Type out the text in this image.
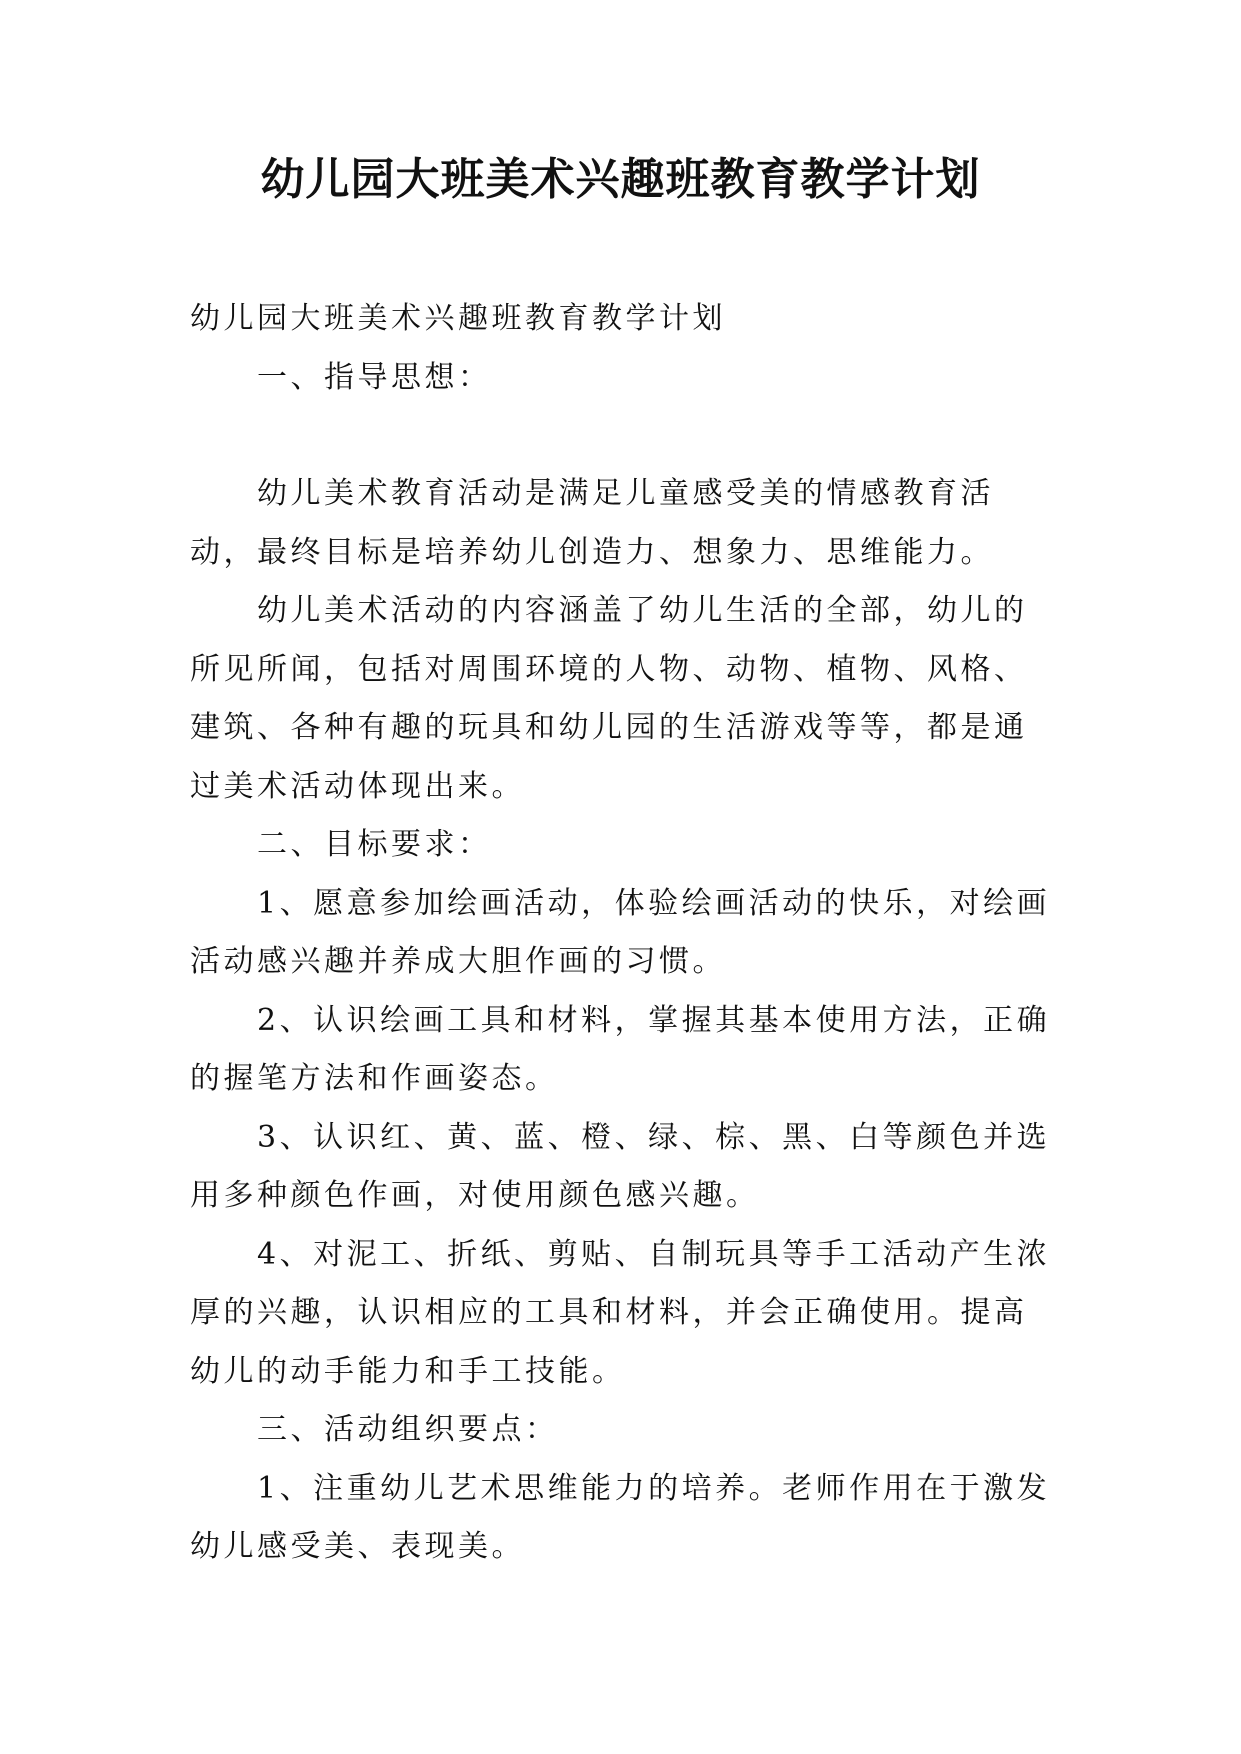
幼儿园大班美术兴趣班教育教学计划

幼儿园大班美术兴趣班教育教学计划

一、指导思想：

幼儿美术教育活动是满足儿童感受美的情感教育活动，最终目标是培养幼儿创造力、想象力、思维能力。

幼儿美术活动的内容涵盖了幼儿生活的全部，幼儿的所见所闻，包括对周围环境的人物、动物、植物、风格、建筑、各种有趣的玩具和幼儿园的生活游戏等等，都是通过美术活动体现出来。

二、目标要求：

1、愿意参加绘画活动，体验绘画活动的快乐，对绘画活动感兴趣并养成大胆作画的习惯。

2、认识绘画工具和材料，掌握其基本使用方法，正确的握笔方法和作画姿态。

3、认识红、黄、蓝、橙、绿、棕、黑、白等颜色并选用多种颜色作画，对使用颜色感兴趣。

4、对泥工、折纸、剪贴、自制玩具等手工活动产生浓厚的兴趣，认识相应的工具和材料，并会正确使用。提高幼儿的动手能力和手工技能。

三、活动组织要点：

1、注重幼儿艺术思维能力的培养。老师作用在于激发幼儿感受美、表现美。
